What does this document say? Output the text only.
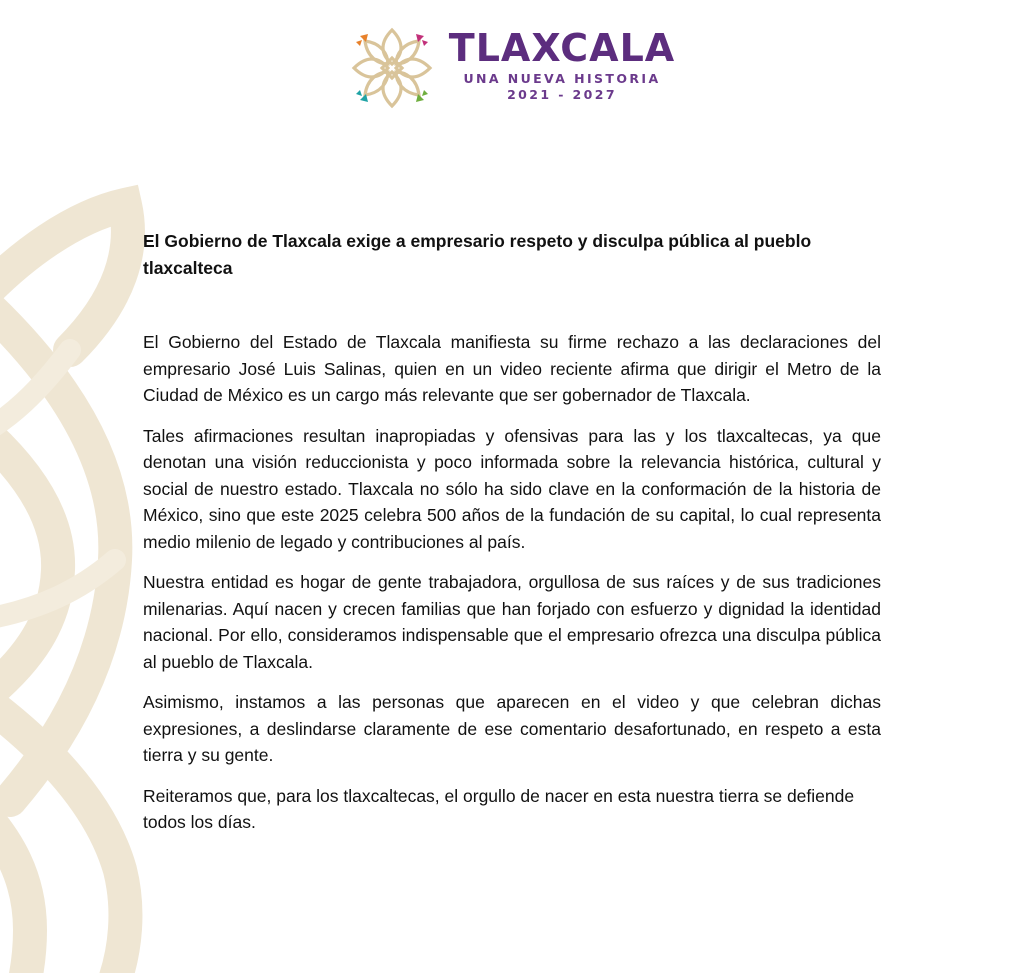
TLAXCALA
UNA NUEVA HISTORIA
2021 - 2027

El Gobierno de Tlaxcala exige a empresario respeto y disculpa pública al pueblo tlaxcalteca

El Gobierno del Estado de Tlaxcala manifiesta su firme rechazo a las declaraciones del empresario José Luis Salinas, quien en un video reciente afirma que dirigir el Metro de la Ciudad de México es un cargo más relevante que ser gobernador de Tlaxcala.

Tales afirmaciones resultan inapropiadas y ofensivas para las y los tlaxcaltecas, ya que denotan una visión reduccionista y poco informada sobre la relevancia histórica, cultural y social de nuestro estado. Tlaxcala no sólo ha sido clave en la conformación de la historia de México, sino que este 2025 celebra 500 años de la fundación de su capital, lo cual representa medio milenio de legado y contribuciones al país.

Nuestra entidad es hogar de gente trabajadora, orgullosa de sus raíces y de sus tradiciones milenarias. Aquí nacen y crecen familias que han forjado con esfuerzo y dignidad la identidad nacional. Por ello, consideramos indispensable que el empresario ofrezca una disculpa pública al pueblo de Tlaxcala.

Asimismo, instamos a las personas que aparecen en el video y que celebran dichas expresiones, a deslindarse claramente de ese comentario desafortunado, en respeto a esta tierra y su gente.

Reiteramos que, para los tlaxcaltecas, el orgullo de nacer en esta nuestra tierra se defiende todos los días.
